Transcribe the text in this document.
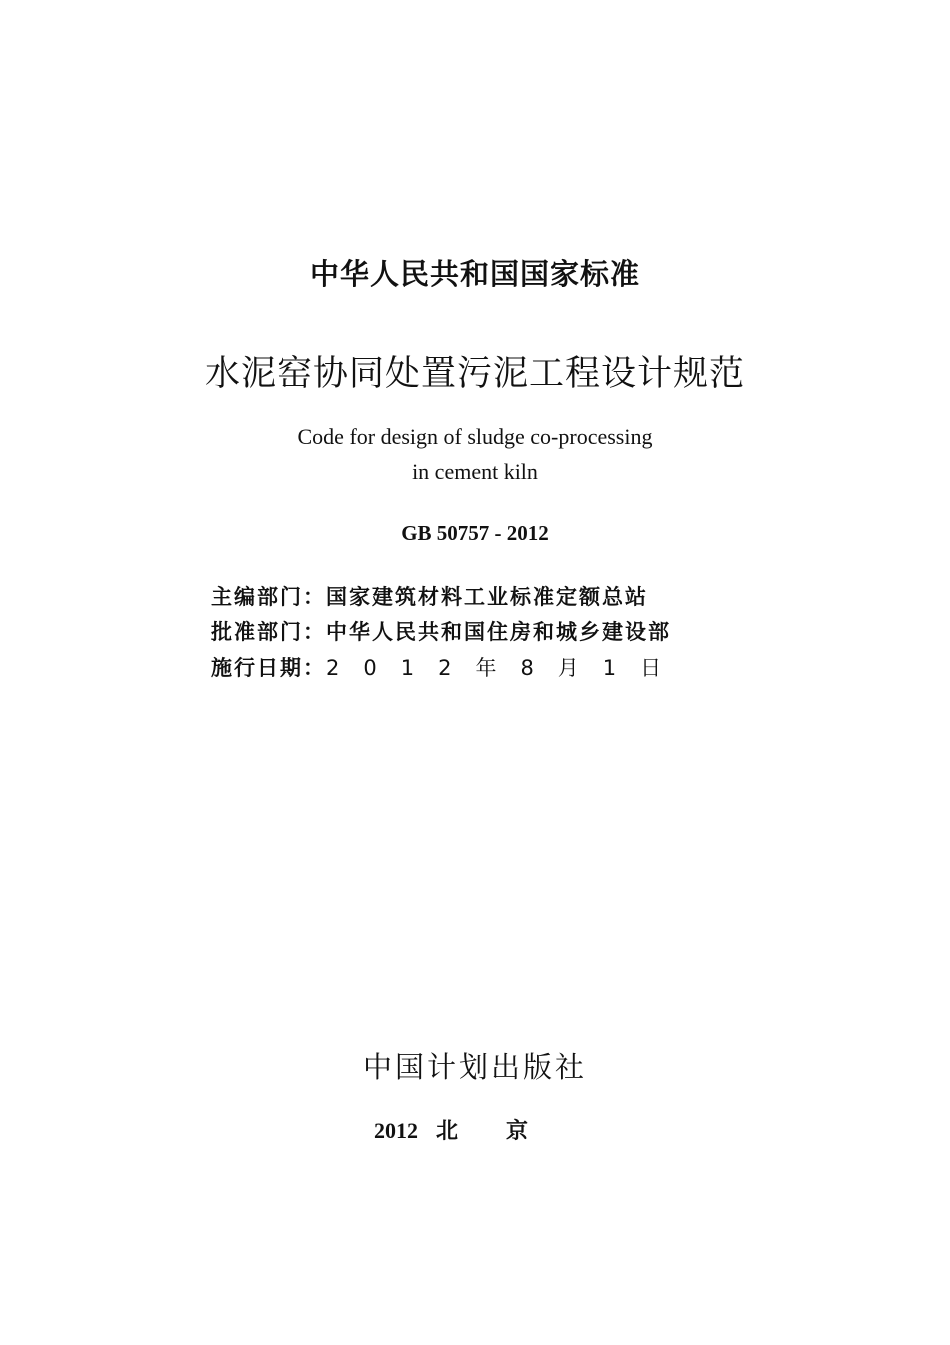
中华人民共和国国家标准
水泥窑协同处置污泥工程设计规范
Code for design of sludge co-processing
in cement kiln
GB 50757 - 2012
主编部门：国家建筑材料工业标准定额总站
批准部门：中华人民共和国住房和城乡建设部
施行日期：2012年8月1日
中国计划出版社
2012 北京
